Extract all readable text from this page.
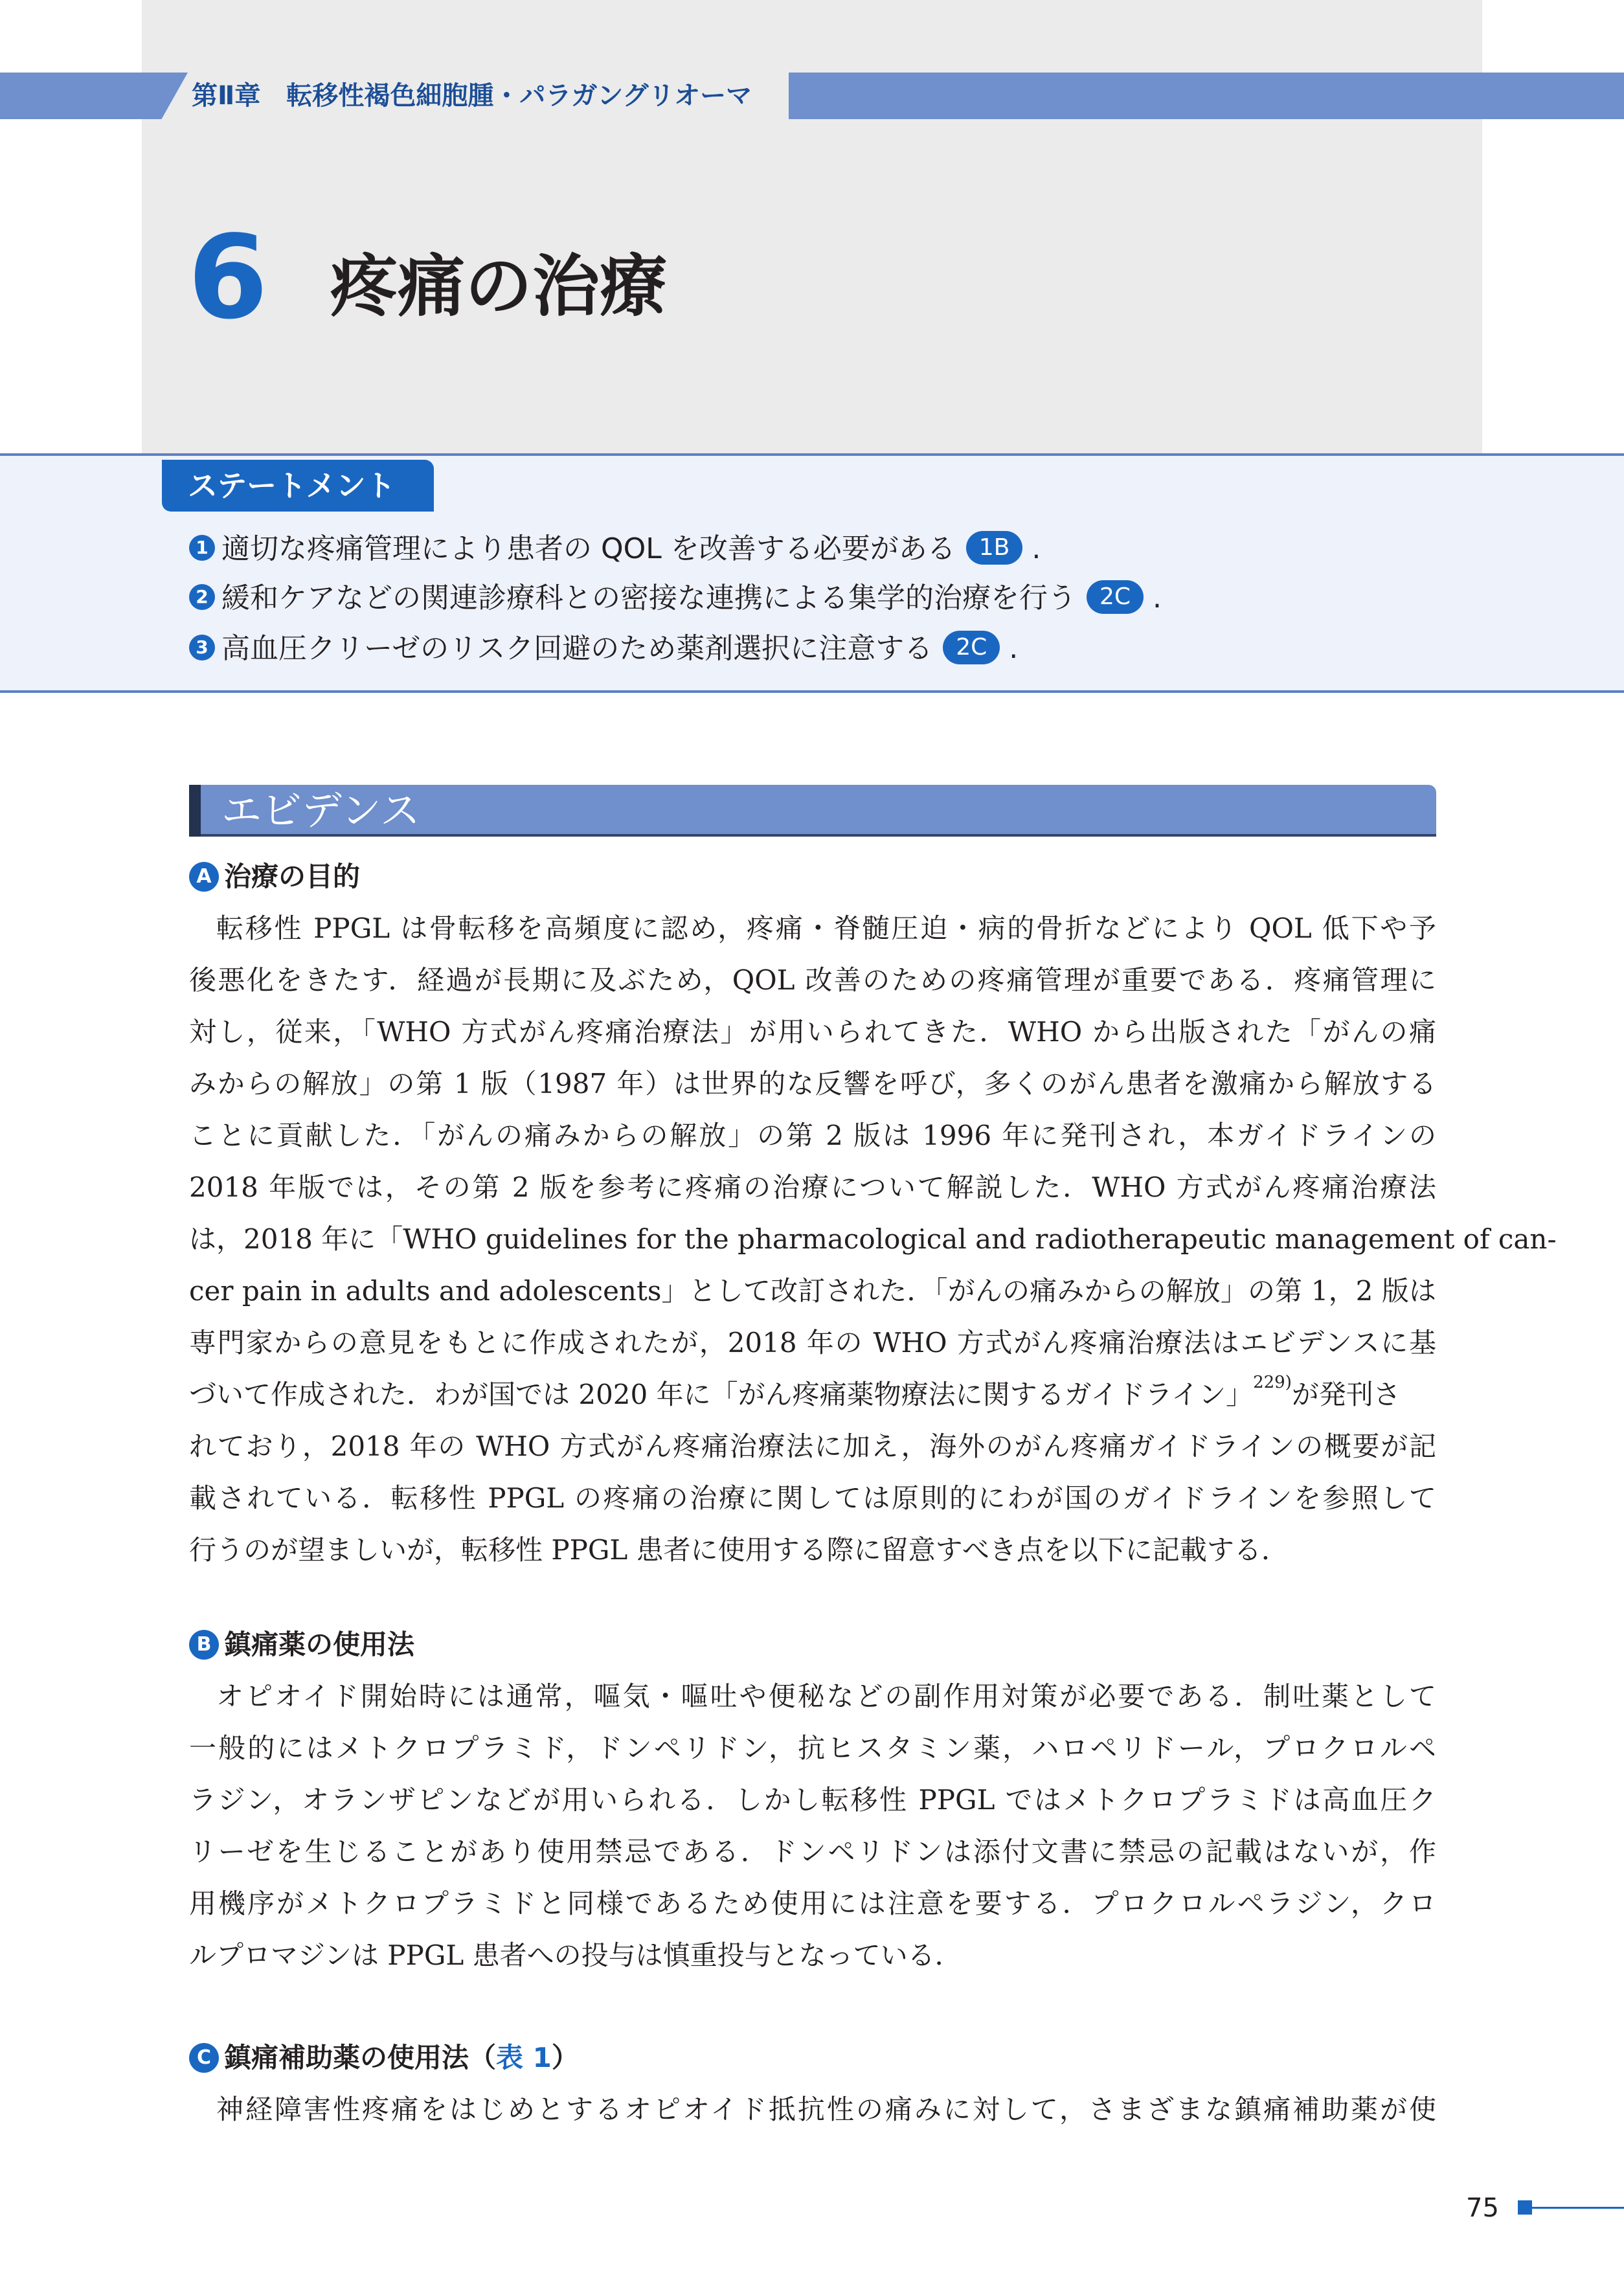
第Ⅱ章　転移性褐色細胞腫・パラガングリオーマ
6 疼痛の治療
ステートメント
1 適切な疼痛管理により患者の QOL を改善する必要がある 1B .
2 緩和ケアなどの関連診療科との密接な連携による集学的治療を行う 2C .
3 高血圧クリーゼのリスク回避のため薬剤選択に注意する 2C .
エビデンス
A 治療の目的
転移性 PPGL は骨転移を高頻度に認め，疼痛・脊髄圧迫・病的骨折などにより QOL 低下や予
後悪化をきたす．経過が長期に及ぶため，QOL 改善のための疼痛管理が重要である．疼痛管理に
対し，従来，「WHO 方式がん疼痛治療法」が用いられてきた．WHO から出版された「がんの痛
みからの解放」の第 1 版（1987 年）は世界的な反響を呼び，多くのがん患者を激痛から解放する
ことに貢献した．「がんの痛みからの解放」の第 2 版は 1996 年に発刊され，本ガイドラインの
2018 年版では，その第 2 版を参考に疼痛の治療について解説した．WHO 方式がん疼痛治療法
は，2018 年に「WHO guidelines for the pharmacological and radiotherapeutic management of can-
cer pain in adults and adolescents」として改訂された．「がんの痛みからの解放」の第 1，2 版は
専門家からの意見をもとに作成されたが，2018 年の WHO 方式がん疼痛治療法はエビデンスに基
づいて作成された．わが国では 2020 年に「がん疼痛薬物療法に関するガイドライン」$^{229)}$が発刊さ
れており，2018 年の WHO 方式がん疼痛治療法に加え，海外のがん疼痛ガイドラインの概要が記
載されている．転移性 PPGL の疼痛の治療に関しては原則的にわが国のガイドラインを参照して
行うのが望ましいが，転移性 PPGL 患者に使用する際に留意すべき点を以下に記載する．
B 鎮痛薬の使用法
オピオイド開始時には通常，嘔気・嘔吐や便秘などの副作用対策が必要である．制吐薬として
一般的にはメトクロプラミド，ドンペリドン，抗ヒスタミン薬，ハロペリドール，プロクロルペ
ラジン，オランザピンなどが用いられる．しかし転移性 PPGL ではメトクロプラミドは高血圧ク
リーゼを生じることがあり使用禁忌である．ドンペリドンは添付文書に禁忌の記載はないが，作
用機序がメトクロプラミドと同様であるため使用には注意を要する．プロクロルペラジン，クロ
ルプロマジンは PPGL 患者への投与は慎重投与となっている．
C 鎮痛補助薬の使用法（表 1）
神経障害性疼痛をはじめとするオピオイド抵抗性の痛みに対して，さまざまな鎮痛補助薬が使
75
